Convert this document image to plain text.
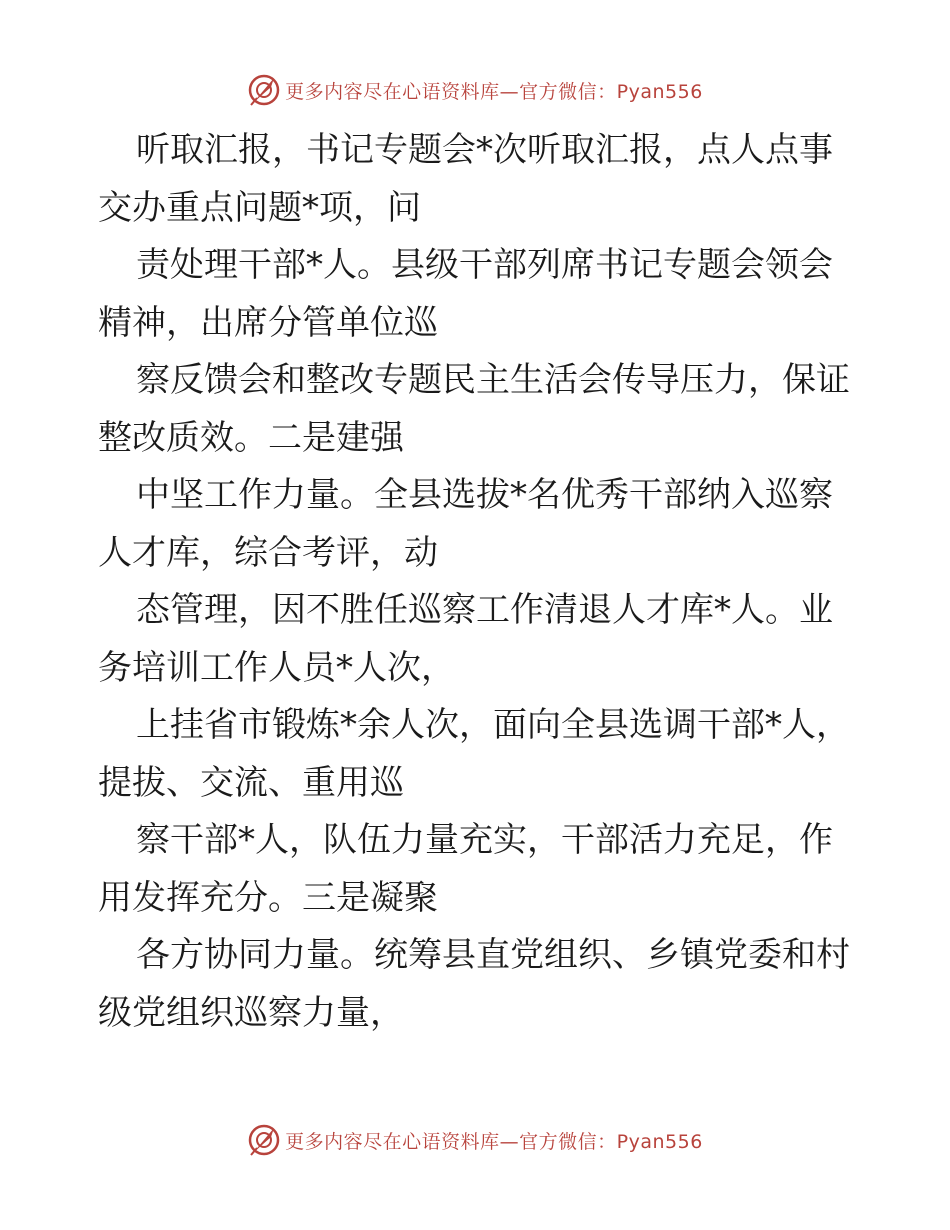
更多内容尽在心语资料库—官方微信：Pyan556
听取汇报，书记专题会*次听取汇报，点人点事
交办重点问题*项，问
责处理干部*人。县级干部列席书记专题会领会
精神，出席分管单位巡
察反馈会和整改专题民主生活会传导压力，保证
整改质效。二是建强
中坚工作力量。全县选拔*名优秀干部纳入巡察
人才库，综合考评，动
态管理，因不胜任巡察工作清退人才库*人。业
务培训工作人员*人次，
上挂省市锻炼*余人次，面向全县选调干部*人，
提拔、交流、重用巡
察干部*人，队伍力量充实，干部活力充足，作
用发挥充分。三是凝聚
各方协同力量。统筹县直党组织、乡镇党委和村
级党组织巡察力量，
更多内容尽在心语资料库—官方微信：Pyan556
